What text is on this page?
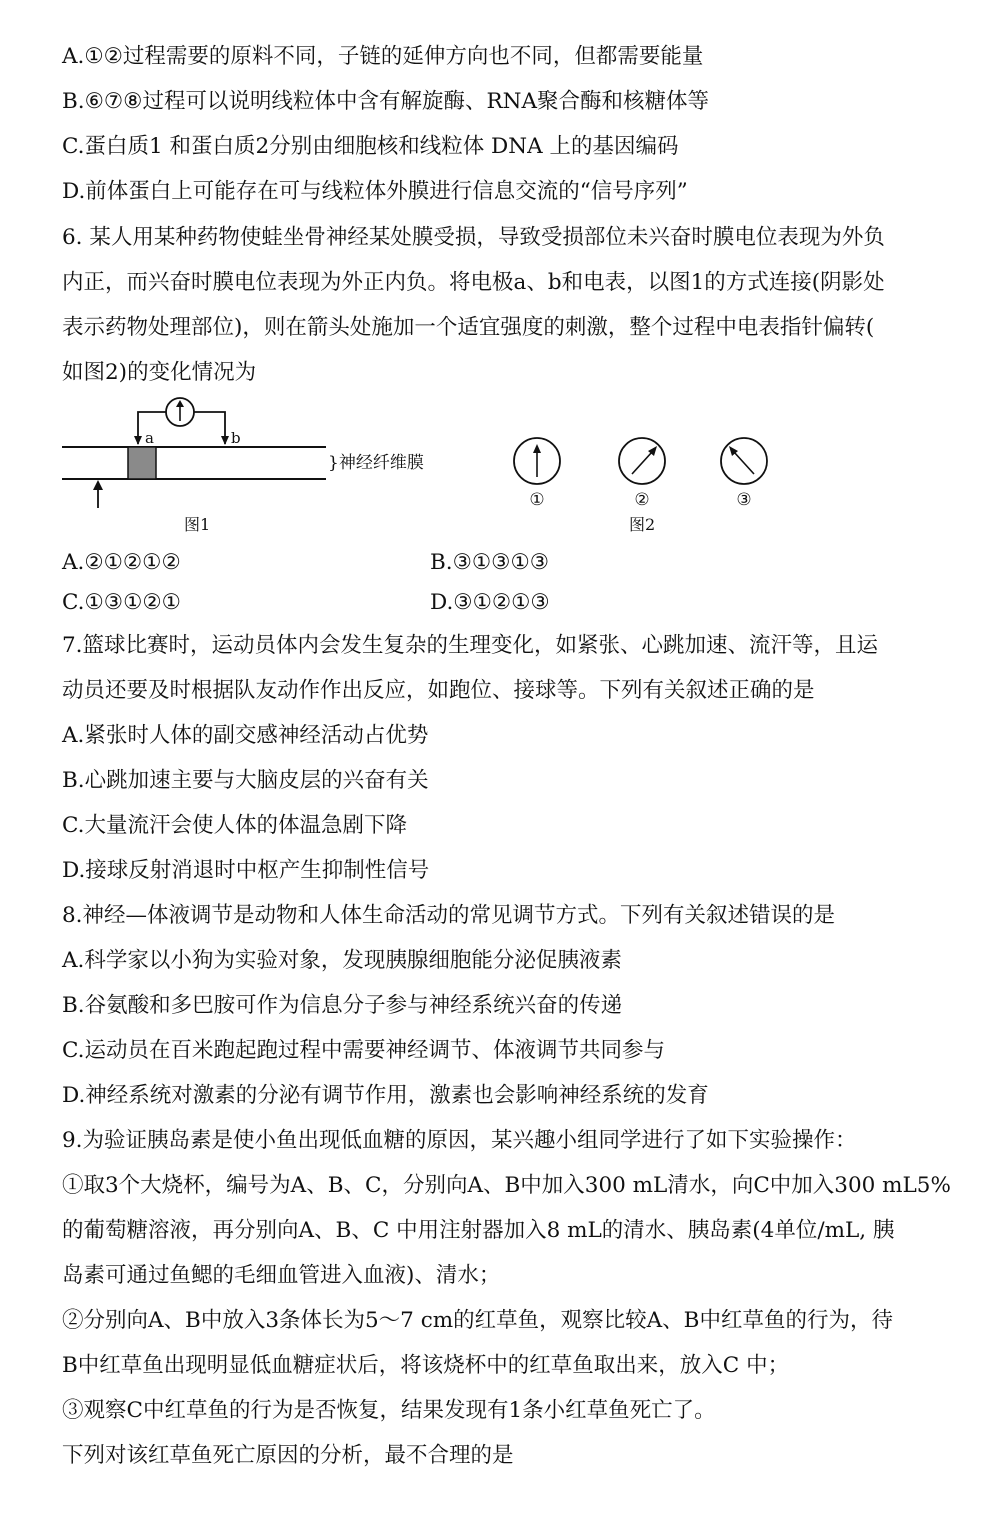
A.①②过程需要的原料不同，子链的延伸方向也不同，但都需要能量
B.⑥⑦⑧过程可以说明线粒体中含有解旋酶、RNA聚合酶和核糖体等
C.蛋白质1 和蛋白质2分别由细胞核和线粒体 DNA 上的基因编码
D.前体蛋白上可能存在可与线粒体外膜进行信息交流的“信号序列”
6. 某人用某种药物使蛙坐骨神经某处膜受损，导致受损部位未兴奋时膜电位表现为外负
内正，而兴奋时膜电位表现为外正内负。将电极a、b和电表，以图1的方式连接(阴影处
表示药物处理部位)，则在箭头处施加一个适宜强度的刺激，整个过程中电表指针偏转(
如图2)的变化情况为
a	b
}神经纤维膜
图1
①	②	③
图2
A.②①②①②	B.③①③①③
C.①③①②①	D.③①②①③
7.篮球比赛时，运动员体内会发生复杂的生理变化，如紧张、心跳加速、流汗等，且运
动员还要及时根据队友动作作出反应，如跑位、接球等。下列有关叙述正确的是
A.紧张时人体的副交感神经活动占优势
B.心跳加速主要与大脑皮层的兴奋有关
C.大量流汗会使人体的体温急剧下降
D.接球反射消退时中枢产生抑制性信号
8.神经—体液调节是动物和人体生命活动的常见调节方式。下列有关叙述错误的是
A.科学家以小狗为实验对象，发现胰腺细胞能分泌促胰液素
B.谷氨酸和多巴胺可作为信息分子参与神经系统兴奋的传递
C.运动员在百米跑起跑过程中需要神经调节、体液调节共同参与
D.神经系统对激素的分泌有调节作用，激素也会影响神经系统的发育
9.为验证胰岛素是使小鱼出现低血糖的原因，某兴趣小组同学进行了如下实验操作：
①取3个大烧杯，编号为A、B、C，分别向A、B中加入300 mL清水，向C中加入300 mL5%
的葡萄糖溶液，再分别向A、B、C 中用注射器加入8 mL的清水、胰岛素(4单位/mL, 胰
岛素可通过鱼鳃的毛细血管进入血液)、清水；
②分别向A、B中放入3条体长为5～7 cm的红草鱼，观察比较A、B中红草鱼的行为，待
B中红草鱼出现明显低血糖症状后，将该烧杯中的红草鱼取出来，放入C 中；
③观察C中红草鱼的行为是否恢复，结果发现有1条小红草鱼死亡了。
下列对该红草鱼死亡原因的分析，最不合理的是
